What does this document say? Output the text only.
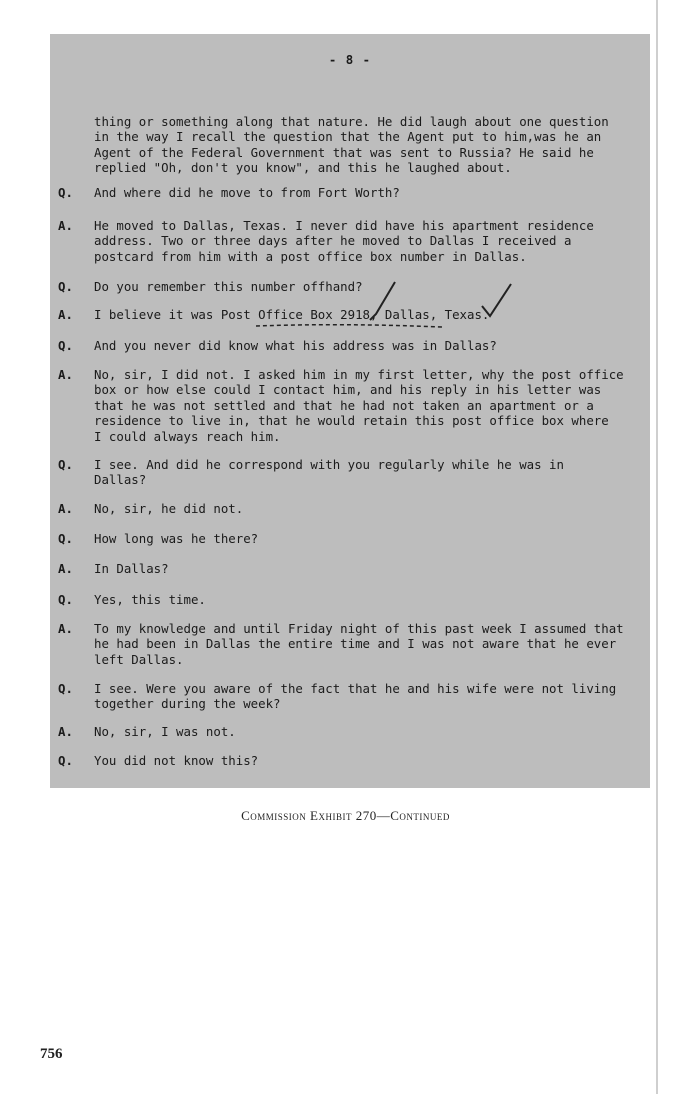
- 8 -
thing or something along that nature. He did laugh about one question
in the way I recall the question that the Agent put to him,was he an
Agent of the Federal Government that was sent to Russia? He said he
replied "Oh, don't you know", and this he laughed about.
Q.	And where did he move to from Fort Worth?
A.	He moved to Dallas, Texas. I never did have his apartment residence
address. Two or three days after he moved to Dallas I received a
postcard from him with a post office box number in Dallas.
Q.	Do you remember this number offhand?
A.	I believe it was Post Office Box 2918, Dallas, Texas.
Q.	And you never did know what his address was in Dallas?
A.	No, sir, I did not. I asked him in my first letter, why the post office
box or how else could I contact him, and his reply in his letter was
that he was not settled and that he had not taken an apartment or a
residence to live in, that he would retain this post office box where
I could always reach him.
Q.	I see. And did he correspond with you regularly while he was in
Dallas?
A.	No, sir, he did not.
Q.	How long was he there?
A.	In Dallas?
Q.	Yes, this time.
A.	To my knowledge and until Friday night of this past week I assumed that
he had been in Dallas the entire time and I was not aware that he ever
left Dallas.
Q.	I see. Were you aware of the fact that he and his wife were not living
together during the week?
A.	No, sir, I was not.
Q.	You did not know this?
Commission Exhibit 270—Continued
756
